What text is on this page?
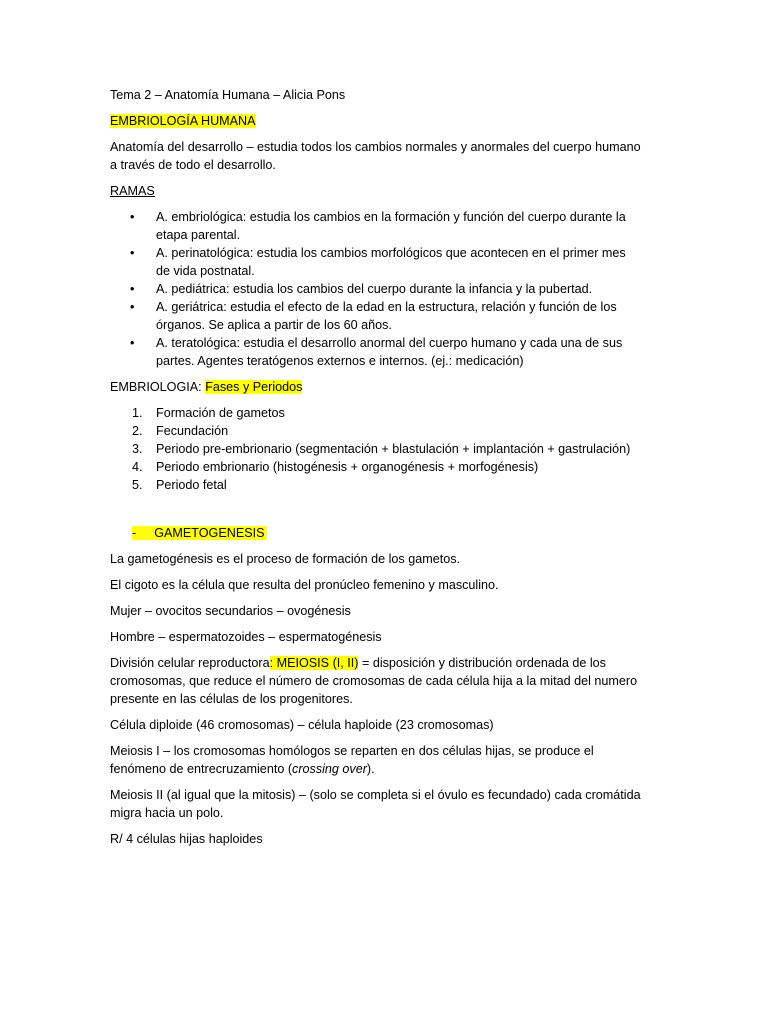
Tema 2 – Anatomía Humana – Alicia Pons

EMBRIOLOGÍA HUMANA

Anatomía del desarrollo – estudia todos los cambios normales y anormales del cuerpo humano
a través de todo el desarrollo.

RAMAS

• A. embriológica: estudia los cambios en la formación y función del cuerpo durante la
etapa parental.
• A. perinatológica: estudia los cambios morfológicos que acontecen en el primer mes
de vida postnatal.
• A. pediátrica: estudia los cambios del cuerpo durante la infancia y la pubertad.
• A. geriátrica: estudia el efecto de la edad en la estructura, relación y función de los
órganos. Se aplica a partir de los 60 años.
• A. teratológica: estudia el desarrollo anormal del cuerpo humano y cada una de sus
partes. Agentes teratógenos externos e internos. (ej.: medicación)

EMBRIOLOGIA: Fases y Periodos

1. Formación de gametos
2. Fecundación
3. Periodo pre-embrionario (segmentación + blastulación + implantación + gastrulación)
4. Periodo embrionario (histogénesis + organogénesis + morfogénesis)
5. Periodo fetal

- GAMETOGENESIS

La gametogénesis es el proceso de formación de los gametos.

El cigoto es la célula que resulta del pronúcleo femenino y masculino.

Mujer – ovocitos secundarios – ovogénesis

Hombre – espermatozoides – espermatogénesis

División celular reproductora: MEIOSIS (I, II) = disposición y distribución ordenada de los
cromosomas, que reduce el número de cromosomas de cada célula hija a la mitad del numero
presente en las células de los progenitores.

Célula diploide (46 cromosomas) – célula haploide (23 cromosomas)

Meiosis I – los cromosomas homólogos se reparten en dos células hijas, se produce el
fenómeno de entrecruzamiento (crossing over).

Meiosis II (al igual que la mitosis) – (solo se completa si el óvulo es fecundado) cada cromátida
migra hacia un polo.

R/ 4 células hijas haploides
